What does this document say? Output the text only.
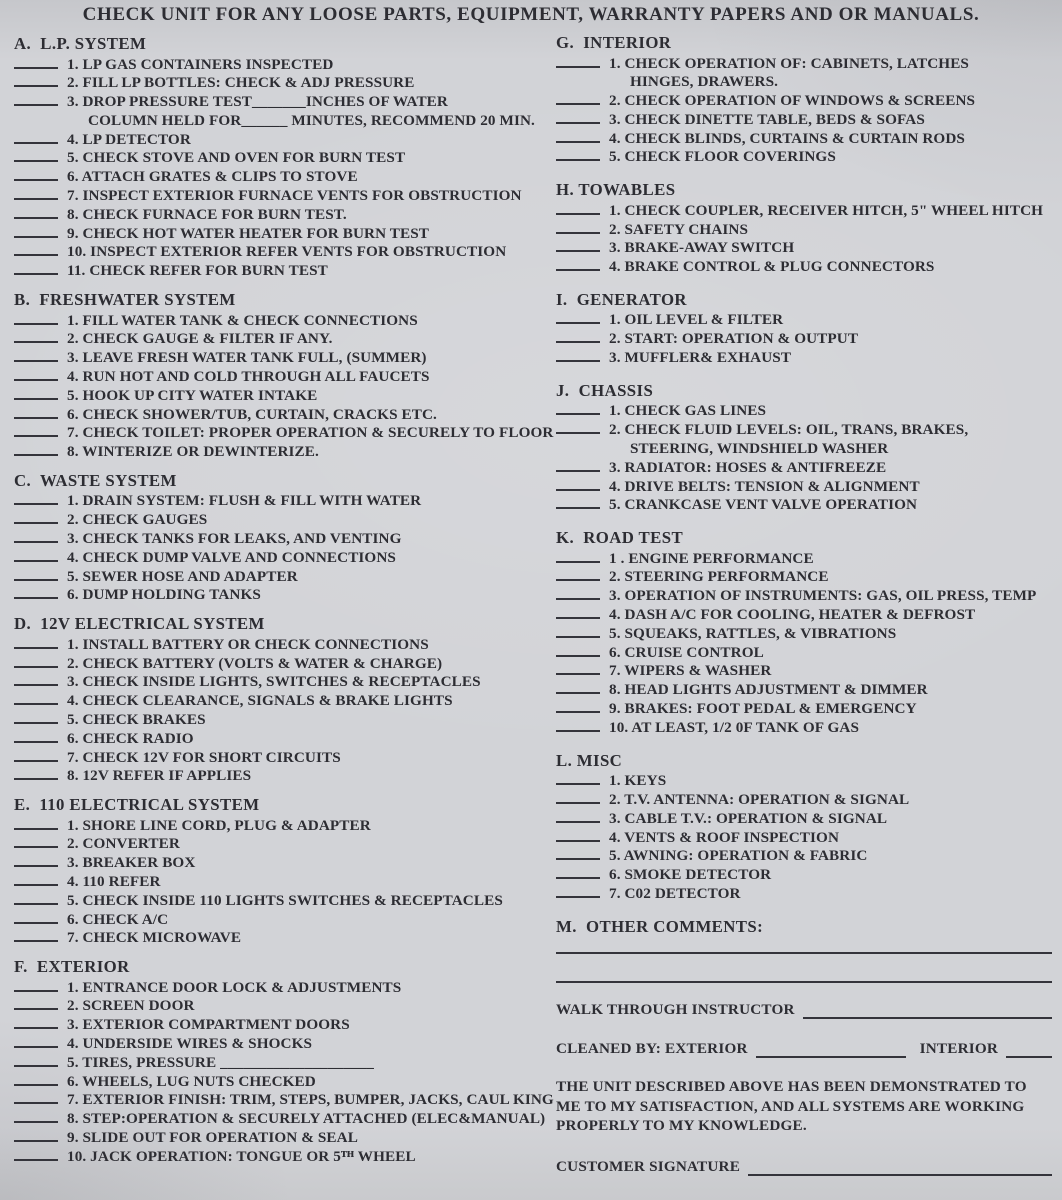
CHECK UNIT FOR ANY LOOSE PARTS, EQUIPMENT, WARRANTY PAPERS AND OR MANUALS.
A.  L.P. SYSTEM
1. LP GAS CONTAINERS INSPECTED
2. FILL LP BOTTLES: CHECK & ADJ PRESSURE
3. DROP PRESSURE TEST_______INCHES OF WATER
COLUMN HELD FOR______ MINUTES, RECOMMEND 20 MIN.
4. LP DETECTOR
5. CHECK STOVE AND OVEN FOR BURN TEST
6. ATTACH GRATES & CLIPS TO STOVE
7. INSPECT EXTERIOR FURNACE VENTS FOR OBSTRUCTION
8. CHECK FURNACE FOR BURN TEST.
9. CHECK HOT WATER HEATER FOR BURN TEST
10. INSPECT EXTERIOR REFER VENTS FOR OBSTRUCTION
11. CHECK REFER FOR BURN TEST
B.  FRESHWATER SYSTEM
1. FILL WATER TANK & CHECK CONNECTIONS
2. CHECK GAUGE & FILTER IF ANY.
3. LEAVE FRESH WATER TANK FULL, (SUMMER)
4. RUN HOT AND COLD THROUGH ALL FAUCETS
5. HOOK UP CITY WATER INTAKE
6. CHECK SHOWER/TUB, CURTAIN, CRACKS ETC.
7. CHECK TOILET: PROPER OPERATION & SECURELY TO FLOOR
8. WINTERIZE OR DEWINTERIZE.
C.  WASTE SYSTEM
1. DRAIN SYSTEM: FLUSH & FILL WITH WATER
2. CHECK GAUGES
3. CHECK TANKS FOR LEAKS, AND VENTING
4. CHECK DUMP VALVE AND CONNECTIONS
5. SEWER HOSE AND ADAPTER
6. DUMP HOLDING TANKS
D.  12V ELECTRICAL SYSTEM
1. INSTALL BATTERY OR CHECK CONNECTIONS
2. CHECK BATTERY (VOLTS & WATER & CHARGE)
3. CHECK INSIDE LIGHTS, SWITCHES & RECEPTACLES
4. CHECK CLEARANCE, SIGNALS & BRAKE LIGHTS
5. CHECK BRAKES
6. CHECK RADIO
7. CHECK 12V FOR SHORT CIRCUITS
8. 12V REFER IF APPLIES
E.  110 ELECTRICAL SYSTEM
1. SHORE LINE CORD, PLUG & ADAPTER
2. CONVERTER
3. BREAKER BOX
4. 110 REFER
5. CHECK INSIDE 110 LIGHTS SWITCHES & RECEPTACLES
6. CHECK A/C
7. CHECK MICROWAVE
F.  EXTERIOR
1. ENTRANCE DOOR LOCK & ADJUSTMENTS
2. SCREEN DOOR
3. EXTERIOR COMPARTMENT DOORS
4. UNDERSIDE WIRES & SHOCKS
5. TIRES, PRESSURE ____________________
6. WHEELS, LUG NUTS CHECKED
7. EXTERIOR FINISH: TRIM, STEPS, BUMPER, JACKS, CAUL KING
8. STEP:OPERATION & SECURELY ATTACHED (ELEC&MANUAL)
9. SLIDE OUT FOR OPERATION & SEAL
10. JACK OPERATION: TONGUE OR 5ᵀᴴ WHEEL
G.  INTERIOR
1. CHECK OPERATION OF: CABINETS, LATCHES
HINGES, DRAWERS.
2. CHECK OPERATION OF WINDOWS & SCREENS
3. CHECK DINETTE TABLE, BEDS & SOFAS
4. CHECK BLINDS, CURTAINS & CURTAIN RODS
5. CHECK FLOOR COVERINGS
H. TOWABLES
1. CHECK COUPLER, RECEIVER HITCH, 5" WHEEL HITCH
2. SAFETY CHAINS
3. BRAKE-AWAY SWITCH
4. BRAKE CONTROL & PLUG CONNECTORS
I.  GENERATOR
1. OIL LEVEL & FILTER
2. START: OPERATION & OUTPUT
3. MUFFLER& EXHAUST
J.  CHASSIS
1. CHECK GAS LINES
2. CHECK FLUID LEVELS: OIL, TRANS, BRAKES,
STEERING, WINDSHIELD WASHER
3. RADIATOR: HOSES & ANTIFREEZE
4. DRIVE BELTS: TENSION & ALIGNMENT
5. CRANKCASE VENT VALVE OPERATION
K.  ROAD TEST
1 . ENGINE PERFORMANCE
2. STEERING PERFORMANCE
3. OPERATION OF INSTRUMENTS: GAS, OIL PRESS, TEMP
4. DASH A/C FOR COOLING, HEATER & DEFROST
5. SQUEAKS, RATTLES, & VIBRATIONS
6. CRUISE CONTROL
7. WIPERS & WASHER
8. HEAD LIGHTS ADJUSTMENT & DIMMER
9. BRAKES: FOOT PEDAL & EMERGENCY
10. AT LEAST, 1/2 0F TANK OF GAS
L. MISC
1. KEYS
2. T.V. ANTENNA: OPERATION & SIGNAL
3. CABLE T.V.: OPERATION & SIGNAL
4. VENTS & ROOF INSPECTION
5. AWNING: OPERATION & FABRIC
6. SMOKE DETECTOR
7. C02 DETECTOR
M.  OTHER COMMENTS:
WALK THROUGH INSTRUCTOR
CLEANED BY: EXTERIOR	INTERIOR
THE UNIT DESCRIBED ABOVE HAS BEEN DEMONSTRATED TO ME TO MY SATISFACTION, AND ALL SYSTEMS ARE WORKING PROPERLY TO MY KNOWLEDGE.
CUSTOMER SIGNATURE
